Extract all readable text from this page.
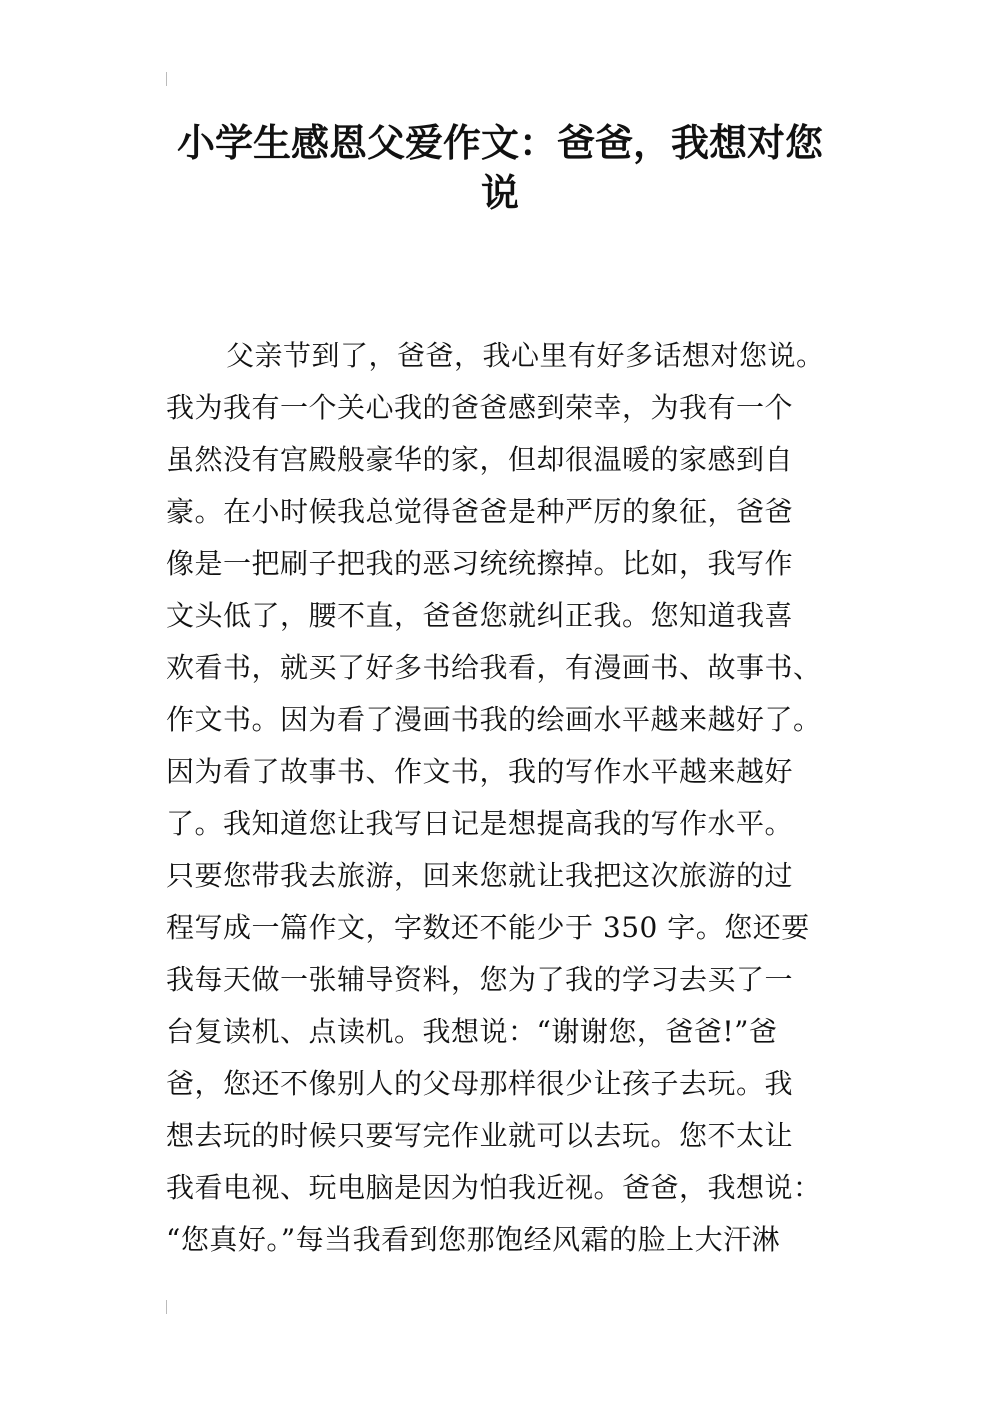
小学生感恩父爱作文：爸爸，我想对您
说
父亲节到了，爸爸，我心里有好多话想对您说。
我为我有一个关心我的爸爸感到荣幸，为我有一个
虽然没有宫殿般豪华的家，但却很温暖的家感到自
豪。在小时候我总觉得爸爸是种严厉的象征，爸爸
像是一把刷子把我的恶习统统擦掉。比如，我写作
文头低了，腰不直，爸爸您就纠正我。您知道我喜
欢看书，就买了好多书给我看，有漫画书、故事书、
作文书。因为看了漫画书我的绘画水平越来越好了。
因为看了故事书、作文书，我的写作水平越来越好
了。我知道您让我写日记是想提高我的写作水平。
只要您带我去旅游，回来您就让我把这次旅游的过
程写成一篇作文，字数还不能少于 350 字。您还要
我每天做一张辅导资料，您为了我的学习去买了一
台复读机、点读机。我想说：“谢谢您，爸爸!”爸
爸，您还不像别人的父母那样很少让孩子去玩。我
想去玩的时候只要写完作业就可以去玩。您不太让
我看电视、玩电脑是因为怕我近视。爸爸，我想说：
“您真好。”每当我看到您那饱经风霜的脸上大汗淋
